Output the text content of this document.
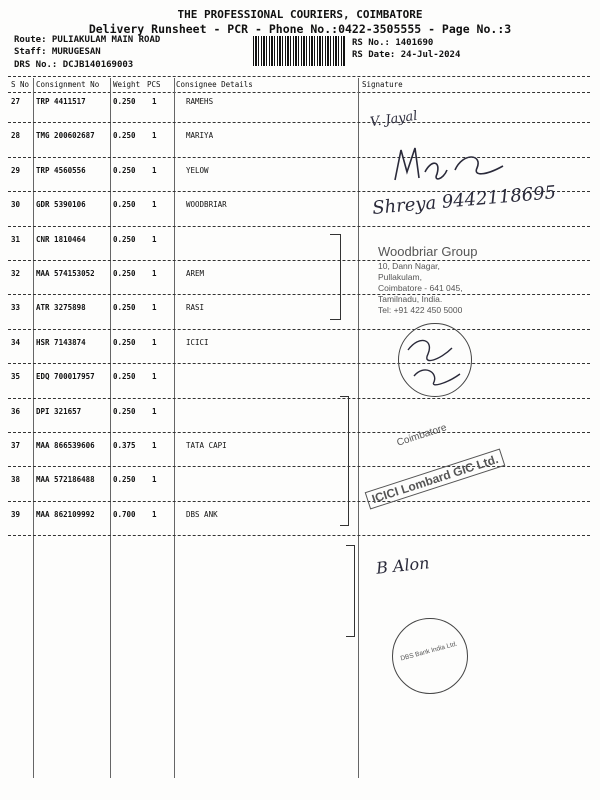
THE PROFESSIONAL COURIERS, COIMBATORE
Delivery Runsheet - PCR - Phone No.:0422-3505555 - Page No.:3
Route: PULIAKULAM MAIN ROAD
Staff: MURUGESAN
DRS No.: DCJB140169003
RS No.: 1401690
RS Date: 24-Jul-2024
S No Consignment No Weight PCS Consignee Details	Signature
27 TRP 4411517	0.250 1	RAMEHS
28 TMG 200602687 0.250 1	MARIYA
29 TRP 4560556	0.250 1	YELOW
30 GDR 5390106	0.250 1	WOODBRIAR
31 CNR 1810464	0.250 1
32 MAA 574153052 0.250 1	AREM
33 ATR 3275898	0.250 1	RASI
34 HSR 7143874	0.250 1	ICICI
35 EDQ 700017957 0.250 1
36 DPI 321657	0.250 1
37 MAA 866539606 0.375 1	TATA CAPI
38 MAA 572186488 0.250 1
39 MAA 862109992 0.700 1	DBS ANK
V. Jayal
Shreya 9442118695
Woodbriar Group
10, Dann Nagar,
Pullakulam,
Coimbatore - 641 045,
Tamilnadu, India.
Tel: +91 422 450 5000
Coimbatore
ICICI Lombard GIC Ltd.
B Alon
DBS Bank India Ltd.
